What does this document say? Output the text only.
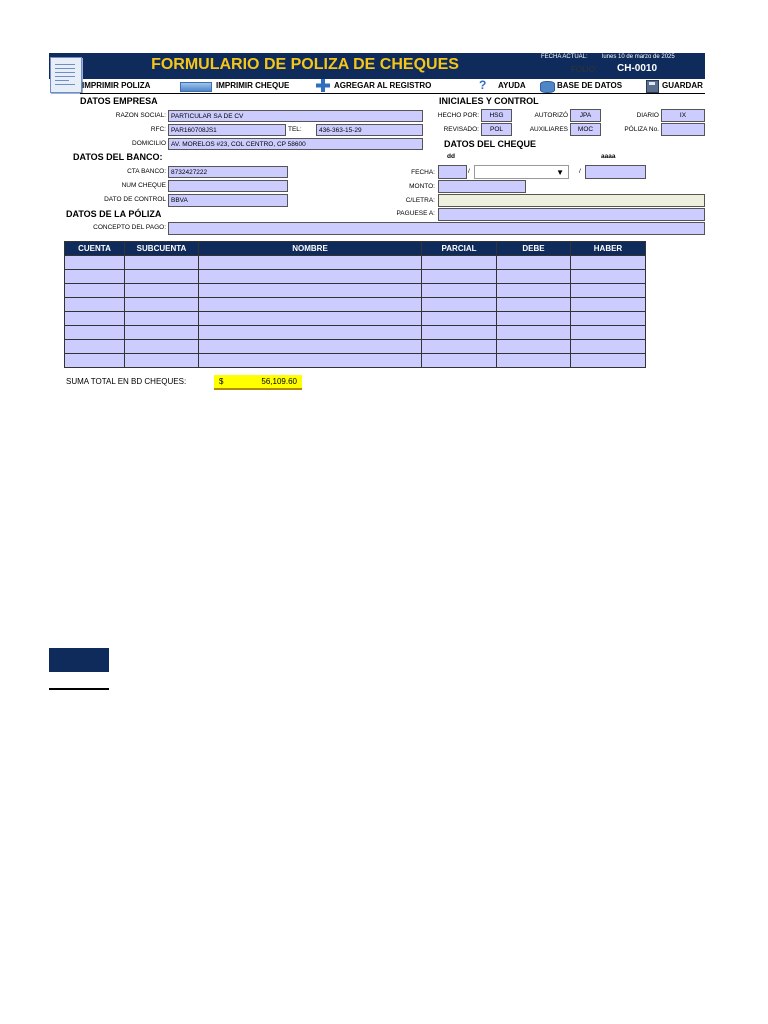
FORMULARIO DE POLIZA DE CHEQUES	FECHA ACTUAL: lunes 10 de marzo de 2025
FOLIO: CH-0010
IMPRIMIR POLIZA	IMPRIMIR CHEQUE	AGREGAR AL REGISTRO	? AYUDA	BASE DE DATOS	GUARDAR
DATOS EMPRESA
RAZON SOCIAL: PARTICULAR SA DE CV
RFC: PAR160708JS1	TEL:	436-363-15-29
DOMICILIO AV. MORELOS #23, COL CENTRO, CP 58600
INICIALES Y CONTROL
HECHO POR:	HSG	AUTORIZÓ	JPA	DIARIO	IX
REVISADO:	POL	AUXILIARES	MOC	PÓLIZA No.
DATOS DEL BANCO:
CTA BANCO: 8732427222
NUM CHEQUE
DATO DE CONTROL BBVA
DATOS DEL CHEQUE
dd	aaaa
FECHA:	/	▼ /
MONTO:
C/LETRA:
PAGUESE A:
DATOS DE LA PÓLIZA
CONCEPTO DEL PAGO:
CUENTA	SUBCUENTA	NOMBRE	PARCIAL	DEBE	HABER

SUMA TOTAL EN BD CHEQUES:	$	56,109.60
